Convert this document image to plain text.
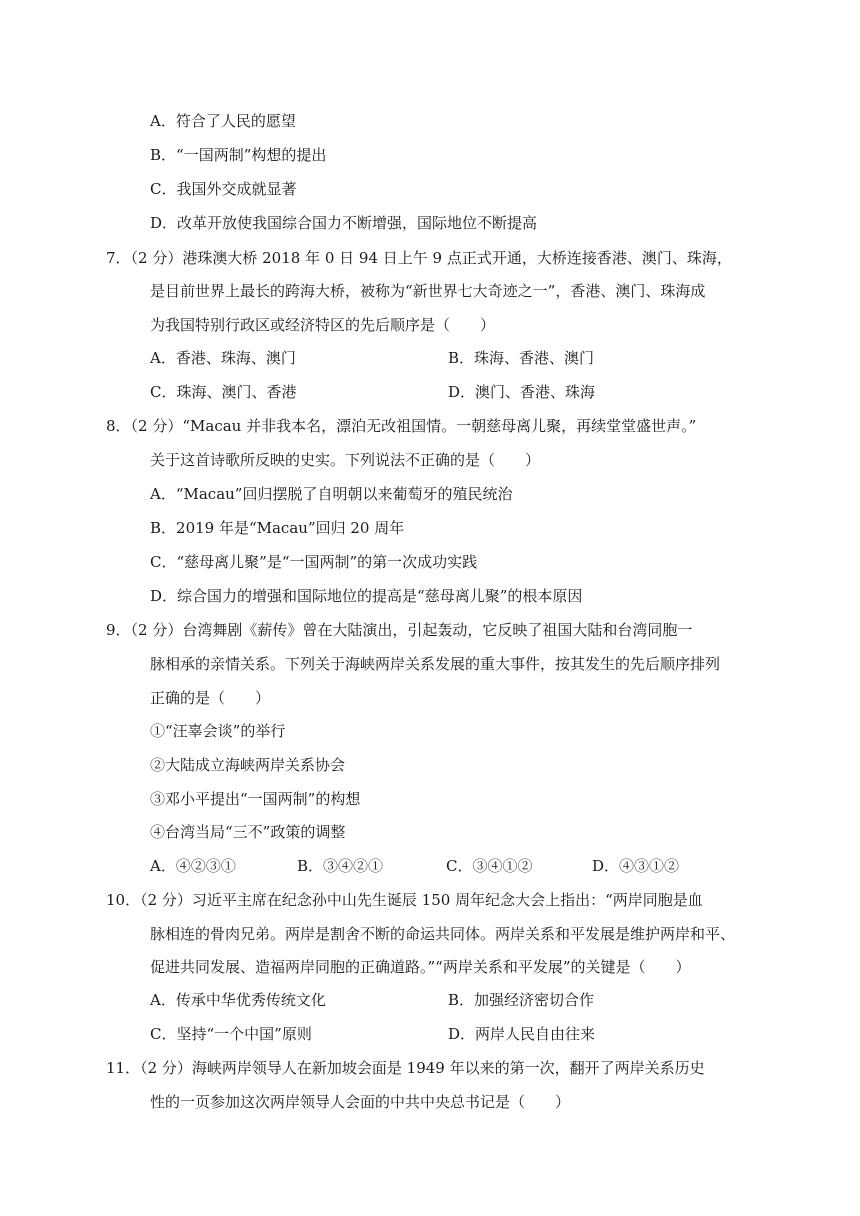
A．符合了人民的愿望
B．“一国两制”构想的提出
C．我国外交成就显著
D．改革开放使我国综合国力不断增强，国际地位不断提高
7．（2 分）港珠澳大桥 2018 年 0 日 94 日上午 9 点正式开通，大桥连接香港、澳门、珠海，
是目前世界上最长的跨海大桥，被称为“新世界七大奇迹之一”，香港、澳门、珠海成
为我国特别行政区或经济特区的先后顺序是（　　）
A．香港、珠海、澳门	B．珠海、香港、澳门
C．珠海、澳门、香港	D．澳门、香港、珠海
8．（2 分）“Macau 并非我本名，漂泊无改祖国情。一朝慈母离儿聚，再续堂堂盛世声。”
关于这首诗歌所反映的史实。下列说法不正确的是（　　）
A．“Macau”回归摆脱了自明朝以来葡萄牙的殖民统治
B．2019 年是“Macau”回归 20 周年
C．“慈母离儿聚”是“一国两制”的第一次成功实践
D．综合国力的增强和国际地位的提高是“慈母离儿聚”的根本原因
9．（2 分）台湾舞剧《薪传》曾在大陆演出，引起轰动，它反映了祖国大陆和台湾同胞一
脉相承的亲情关系。下列关于海峡两岸关系发展的重大事件，按其发生的先后顺序排列
正确的是（　　）
①“汪辜会谈”的举行
②大陆成立海峡两岸关系协会
③邓小平提出“一国两制”的构想
④台湾当局“三不”政策的调整
A．④②③①	B．③④②①	C．③④①②	D．④③①②
10．（2 分）习近平主席在纪念孙中山先生诞辰 150 周年纪念大会上指出：“两岸同胞是血
脉相连的骨肉兄弟。两岸是割舍不断的命运共同体。两岸关系和平发展是维护两岸和平、
促进共同发展、造福两岸同胞的正确道路。”“两岸关系和平发展”的关键是（　　）
A．传承中华优秀传统文化	B．加强经济密切合作
C．坚持“一个中国”原则	D．两岸人民自由往来
11．（2 分）海峡两岸领导人在新加坡会面是 1949 年以来的第一次，翻开了两岸关系历史
性的一页参加这次两岸领导人会面的中共中央总书记是（　　）
